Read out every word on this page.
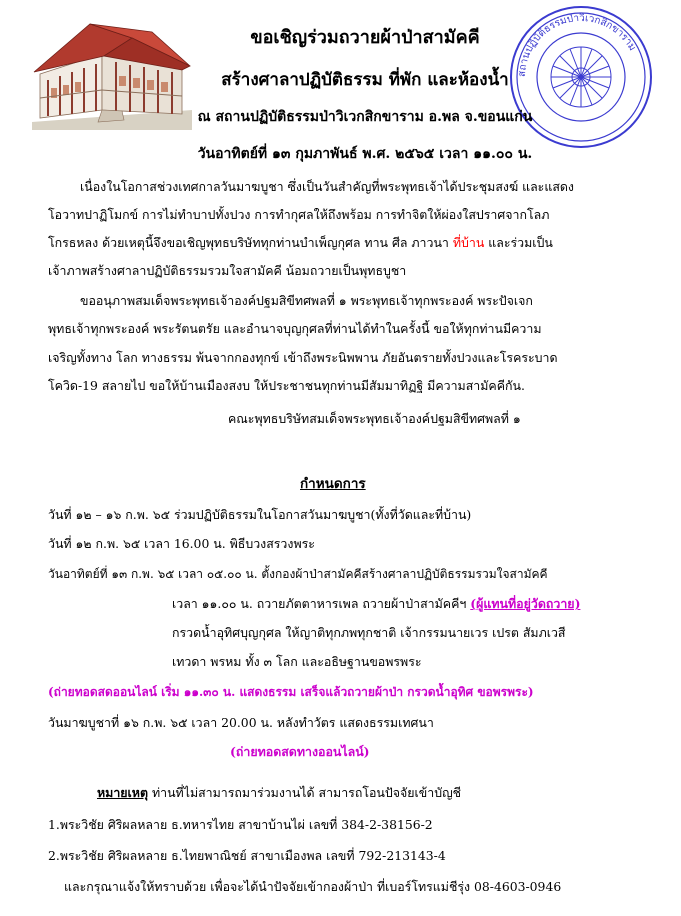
สถานปฏิบัติธรรมป่าวิเวกสิกขาราม
ขอเชิญร่วมถวายผ้าป่าสามัคคี
สร้างศาลาปฏิบัติธรรม ที่พัก และห้องน้ำ
ณ สถานปฏิบัติธรรมป่าวิเวกสิกขาราม อ.พล จ.ขอนแก่น
วันอาทิตย์ที่ ๑๓ กุมภาพันธ์ พ.ศ. ๒๕๖๕ เวลา ๑๑.๐๐ น.
เนื่องในโอกาสช่วงเทศกาลวันมาฆบูชา ซึ่งเป็นวันสำคัญที่พระพุทธเจ้าได้ประชุมสงฆ์ และแสดง
โอวาทปาฏิโมกข์ การไม่ทำบาปทั้งปวง การทำกุศลให้ถึงพร้อม การทำจิตให้ผ่องใสปราศจากโลภ
โกรธหลง ด้วยเหตุนี้จึงขอเชิญพุทธบริษัททุกท่านบำเพ็ญกุศล ทาน ศีล ภาวนา ที่บ้าน และร่วมเป็น
เจ้าภาพสร้างศาลาปฏิบัติธรรมรวมใจสามัคคี น้อมถวายเป็นพุทธบูชา
ขออนุภาพสมเด็จพระพุทธเจ้าองค์ปฐมสิขีทศพลที่ ๑ พระพุทธเจ้าทุกพระองค์ พระปัจเจก
พุทธเจ้าทุกพระองค์ พระรัตนตรัย และอำนาจบุญกุศลที่ท่านได้ทำในครั้งนี้ ขอให้ทุกท่านมีความ
เจริญทั้งทาง โลก ทางธรรม พ้นจากกองทุกข์ เข้าถึงพระนิพพาน ภัยอันตรายทั้งปวงและโรคระบาด
โควิด-19 สลายไป ขอให้บ้านเมืองสงบ ให้ประชาชนทุกท่านมีสัมมาทิฏฐิ มีความสามัคคีกัน.
คณะพุทธบริษัทสมเด็จพระพุทธเจ้าองค์ปฐมสิขีทศพลที่ ๑
กำหนดการ
วันที่ ๑๒ – ๑๖ ก.พ. ๖๕ ร่วมปฏิบัติธรรมในโอกาสวันมาฆบูชา(ทั้งที่วัดและที่บ้าน)
วันที่ ๑๒ ก.พ. ๖๕ เวลา 16.00 น. พิธีบวงสรวงพระ
วันอาทิตย์ที่ ๑๓ ก.พ. ๖๕ เวลา ๐๕.๐๐ น. ตั้งกองผ้าป่าสามัคคีสร้างศาลาปฏิบัติธรรมรวมใจสามัคคี
เวลา ๑๑.๐๐ น. ถวายภัตตาหารเพล ถวายผ้าป่าสามัคคีฯ (ผู้แทนที่อยู่วัดถวาย)
กรวดน้ำอุทิศบุญกุศล ให้ญาติทุกภพทุกชาติ เจ้ากรรมนายเวร เปรต สัมภเวสี
เทวดา พรหม ทั้ง ๓ โลก และอธิษฐานขอพรพระ
(ถ่ายทอดสดออนไลน์ เริ่ม ๑๑.๓๐ น. แสดงธรรม เสร็จแล้วถวายผ้าป่า กรวดน้ำอุทิศ ขอพรพระ)
วันมาฆบูชาที่ ๑๖ ก.พ. ๖๕ เวลา 20.00 น. หลังทำวัตร แสดงธรรมเทศนา
(ถ่ายทอดสดทางออนไลน์)
หมายเหตุ ท่านที่ไม่สามารถมาร่วมงานได้ สามารถโอนปัจจัยเข้าบัญชี
1.พระวิชัย ศิริผลหลาย ธ.ทหารไทย สาขาบ้านไผ่ เลขที่ 384-2-38156-2
2.พระวิชัย ศิริผลหลาย ธ.ไทยพาณิชย์ สาขาเมืองพล เลขที่ 792-213143-4
และกรุณาแจ้งให้ทราบด้วย เพื่อจะได้นำปัจจัยเข้ากองผ้าป่า ที่เบอร์โทรแม่ชีรุ่ง 08-4603-0946
